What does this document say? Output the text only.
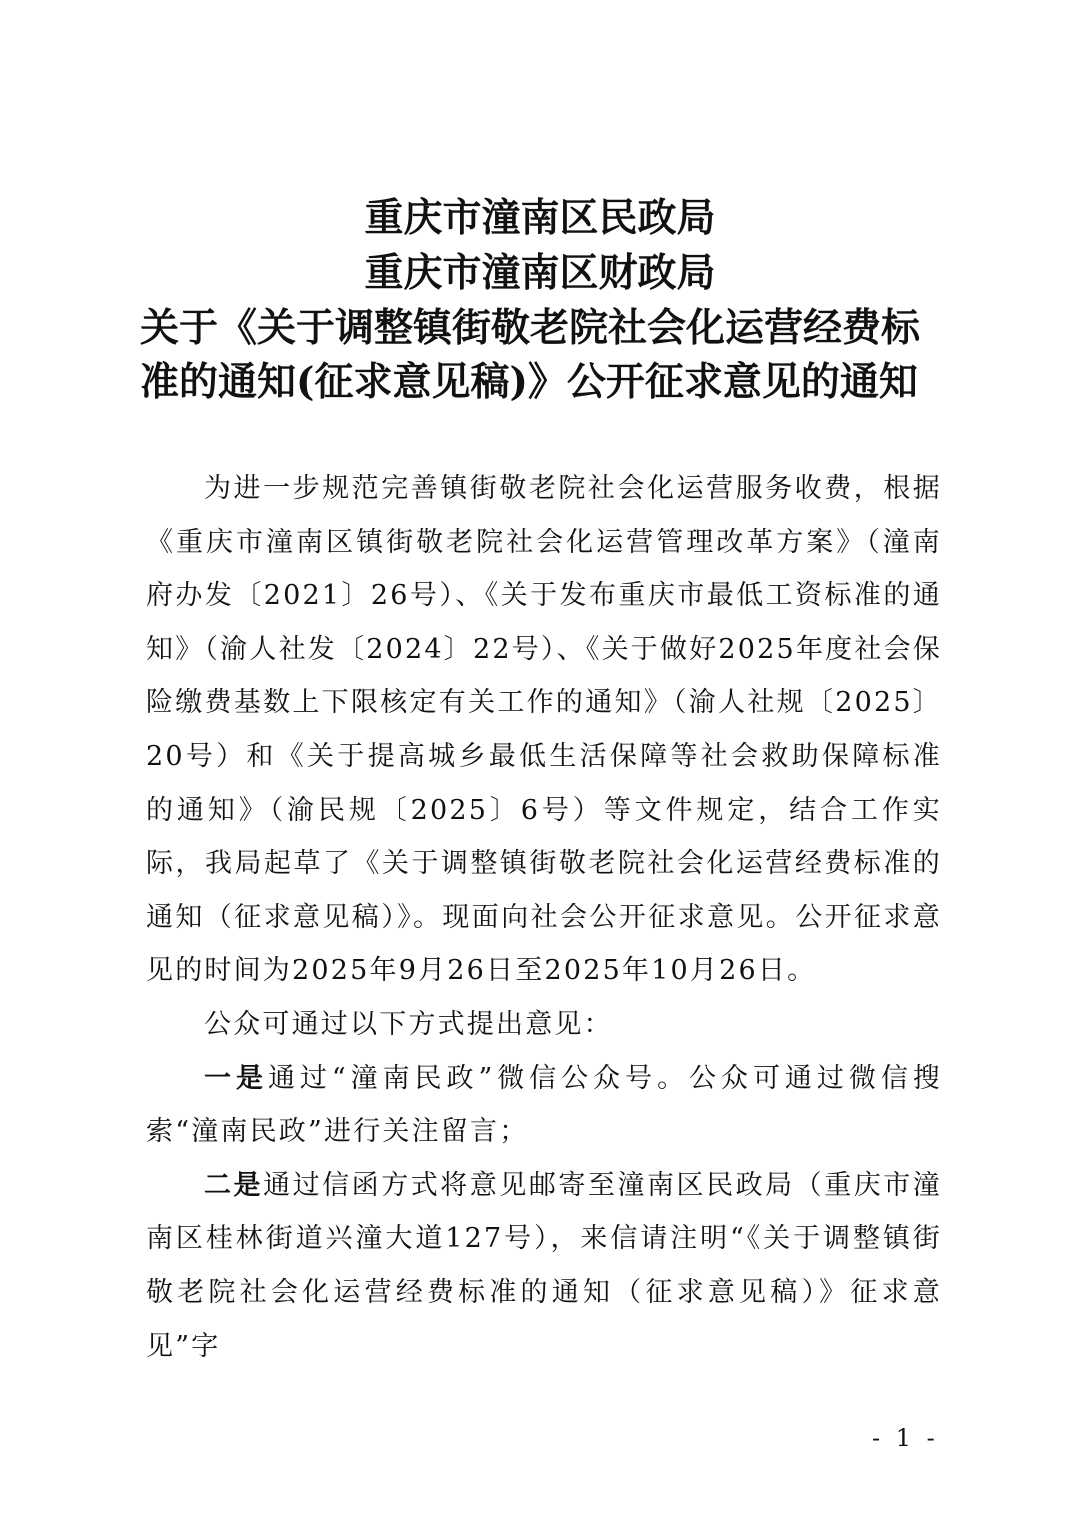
重庆市潼南区民政局
重庆市潼南区财政局
关于《关于调整镇街敬老院社会化运营经费标
准的通知(征求意见稿)》公开征求意见的通知

为进一步规范完善镇街敬老院社会化运营服务收费，根据《重庆市潼南区镇街敬老院社会化运营管理改革方案》（潼南府办发〔2021〕26号）、《关于发布重庆市最低工资标准的通知》（渝人社发〔2024〕22号）、《关于做好2025年度社会保险缴费基数上下限核定有关工作的通知》（渝人社规〔2025〕20号）和《关于提高城乡最低生活保障等社会救助保障标准的通知》（渝民规〔2025〕6号）等文件规定，结合工作实际，我局起草了《关于调整镇街敬老院社会化运营经费标准的通知（征求意见稿）》。现面向社会公开征求意见。公开征求意见的时间为2025年9月26日至2025年10月26日。

公众可通过以下方式提出意见：

一是通过“潼南民政”微信公众号。公众可通过微信搜索“潼南民政”进行关注留言；

二是通过信函方式将意见邮寄至潼南区民政局（重庆市潼南区桂林街道兴潼大道127号），来信请注明“《关于调整镇街敬老院社会化运营经费标准的通知（征求意见稿）》征求意见”字

- 1 -
